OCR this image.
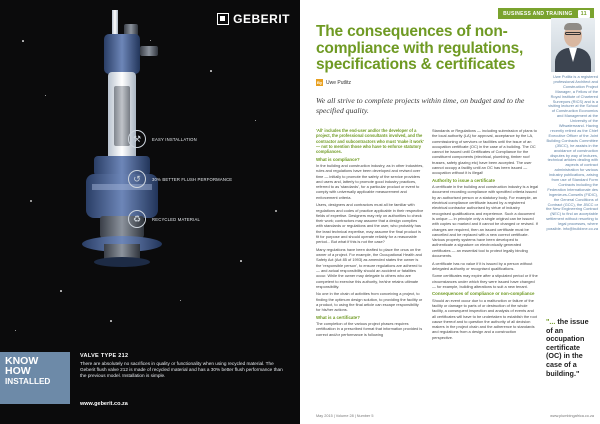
GEBERIT
⚒	EASY INSTALLATION
↺	30% BETTER FLUSH PERFORMANCE
♻	RECYCLED MATERIAL
KNOW
HOW
INSTALLED
VALVE TYPE 212
There are absolutely no sacrifices in quality or functionality when using recycled material. The Geberit flush valve 212 is made of recycled material and has a 30% better flush performance than the previous model. Installation is simple.
www.geberit.co.za
BUSINESS AND TRAINING	11
The consequences of non-compliance with regulations, specifications & certificates
By Uwe Putlitz
We all strive to complete projects within time, on budget and to the specified quality.

'All' includes the end-user and/or the developer of a project, the professional consultants involved, and the contractor and subcontractors who must 'make it work' — not to mention those who have to enforce statutory compliances.

What is compliance?

In the building and construction industry, as in other industries, rules and regulations have been developed and revised over time — initially to promote the safety of the service providers and users and, latterly to promote good industry practices, referred to as 'standards', for a particular product or event to comply with universally applicable measurement and enforcement criteria.

Users, designers and contractors must all be familiar with regulations and codes of practice applicable in their respective fields of expertise. Designers may rely on authorities to check their work; contractors may assume that a design complies with standards or regulations and the user, who probably has the least technical expertise, may assume the final product is fit for purpose and should operate reliably for a reasonable period... But what if this is not the case?

Many regulations have been drafted to place the onus on the owner of a project. For example, the Occupational Health and Safety Act (Act 85 of 1993) as amended states the owner is the 'responsible person', to ensure regulations are adhered to — and actual responsibility should an accident or fatalities occur. While the owner may delegate to others who are competent to exercise this authority, he/she retains ultimate responsibility.

No one in the chain of activities from conceiving a project, to finding the optimum design solution, to providing the facility or a product, to using the final article can escape responsibility for his/her actions.

What is a certificate?

The completion of the various project phases requires certification in a prescribed format that information provided is correct and/or performance is following

Standards or Regulations — including submission of plans to the local authority (LA) for approval, acceptance by the LA, commissioning of services or facilities until the issue of an occupation certificate (OC) in the case of a building. The OC cannot be issued until Certificates of Compliance for the constituent components (electrical, plumbing, timber roof trusses, safety glazing etc) have been accepted. The user cannot occupy a facility until an OC has been issued — occupation without it is illegal!

Authority to issue a certificate

A certificate in the building and construction industry is a legal document recording compliance with specified criteria issued by an authorised person or a statutory body. For example, an electrical compliance certificate issued by a registered electrical contractor authorised by virtue of industry recognised qualifications and experience. Such a document is unique — in principle only a single original can be issued with copies so marked and it cannot be changed or revised. If changes are required, then an issued certificate must be cancelled and be replaced with a new correct certificate. Various property systems have been developed to authenticate a signature on electronically generated certificates — an essential tool to protect legally binding documents.

A certificate has no value if it is issued by a person without delegated authority or recognised qualifications.

Some certificates may expire after a stipulated period or if the circumstances under which they were issued have changed — for example, building alterations to suit a new tenant.

Consequences of compliance or non-compliance

Should an event occur due to a malfunction or failure of the facility or damage to parts of or destruction of the whole facility, a consequent inspection and analysis of events and all certificates will have to be undertaken to establish the root cause thereof and to question the authority of all decision makers in the project chain and the adherence to standards and regulations from a design and a construction perspective.

Uwe Putlitz is a registered professional Architect and Construction Project Manager, a Fellow of the Royal Institute of Chartered Surveyors (RICS) and is a visiting lecturer at the School of Construction Economics and Management at the University of the Witwatersrand. Having recently retired as the Chief Executive Officer of the Joint Building Contracts Committee (JBCC), he assists in the avoidance of construction disputes by way of lectures, technical articles dealing with aspects of contract administration for various industry publications, arising from use of Standard Form Contracts including the Federation Internationale des Ingenieurs-Conseils (FIDIC), the General Conditions of Contract (GCC), the JBCC or the New Engineering Contract (NEC) to find an acceptable settlement without resorting to legal processes, where possible. info@buildxne.co.za
"... the issue of an occupation certificate (OC) in the case of a building."
May 2015 | Volume 28 | Number 5	www.plumbingafrica.co.za
